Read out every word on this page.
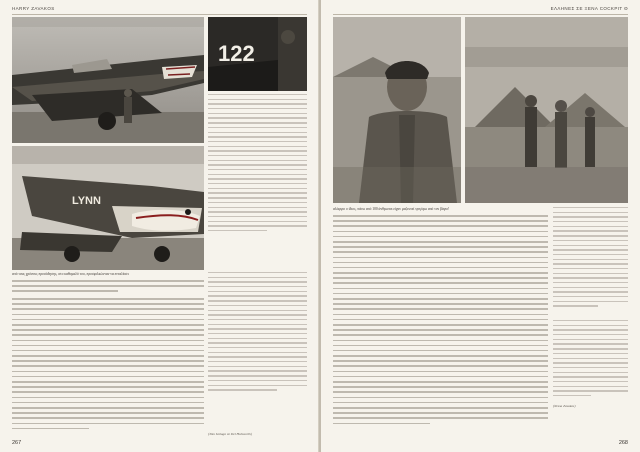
HARRY ZAVAKOS
122
LYNN
από τους χρόνους προσόδησης, στο καθομαλό του, προσφιλκώνταν να ενταλέσει
(Tom Ivolago σε Del Holsworth)
267
ΕΛΛΗΝΕΣ ΣΕ ΞΕΝΑ COCKPIT Θ
αλόφιρο ο ίδιος, πάνω από 100 άνθρωποι είχαν μαζευτεί τριγύρω από τον βάγιο!
(Nessa Zavakos)
268
